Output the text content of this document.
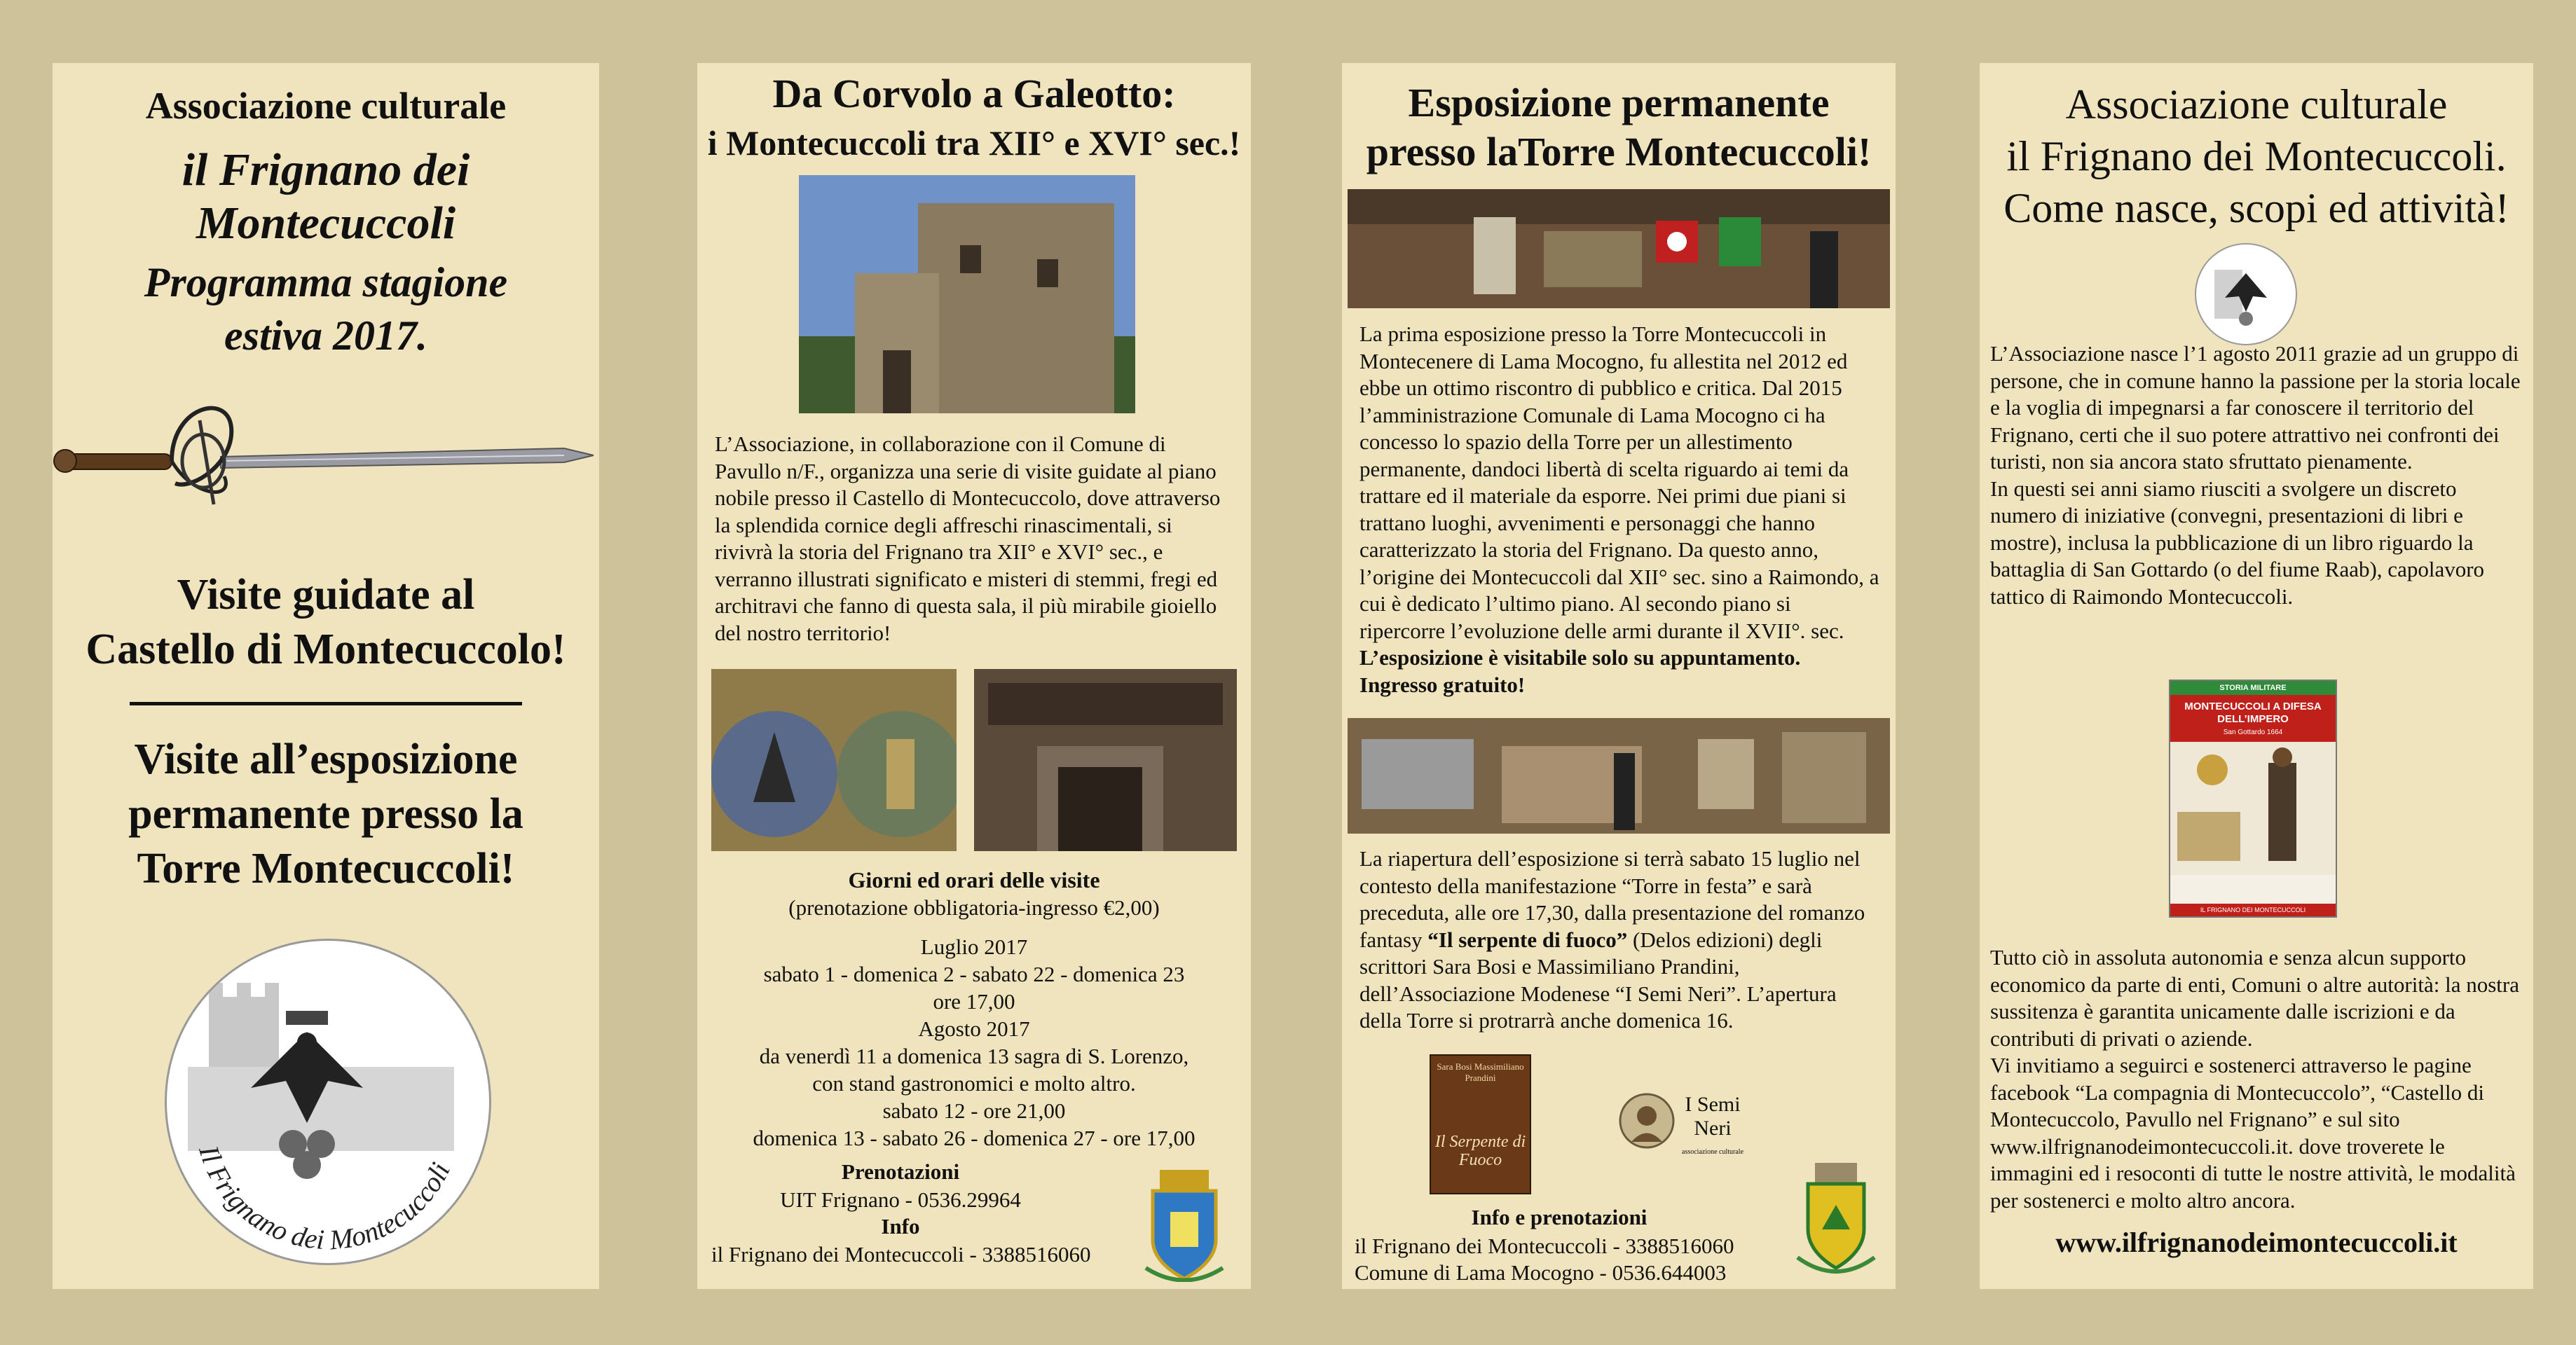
Associazione culturale
il Frignano dei Montecuccoli
Programma stagione
estiva 2017.
Visite guidate al
Castello di Montecuccolo!
Visite all’esposizione
permanente presso la
Torre Montecuccoli!
Il Frignano dei Montecuccoli
Da Corvolo a Galeotto:
i Montecuccoli tra XII° e XVI° sec.!
L’Associazione, in collaborazione con il Comune di Pavullo n/F., organizza una serie di visite guidate al piano nobile presso il Castello di Montecuccolo, dove attraverso la splendida cornice degli affreschi rinascimentali, si rivivrà la storia del Frignano tra XII° e XVI° sec., e verranno illustrati significato e misteri di stemmi, fregi ed architravi che fanno di questa sala, il più mirabile gioiello del nostro territorio!
Giorni ed orari delle visite
(prenotazione obbligatoria-ingresso €2,00)
Luglio 2017
sabato 1 - domenica 2 - sabato 22 - domenica 23
ore 17,00
Agosto 2017
da venerdì 11 a domenica 13 sagra di S. Lorenzo,
con stand gastronomici e molto altro.
sabato 12 - ore 21,00
domenica 13 - sabato 26 - domenica 27 - ore 17,00
Prenotazioni
UIT Frignano - 0536.29964
Info
il Frignano dei Montecuccoli - 3388516060
Esposizione permanente
presso laTorre Montecuccoli!
La prima esposizione presso la Torre Montecuccoli in Montecenere di Lama Mocogno, fu allestita nel 2012 ed ebbe un ottimo riscontro di pubblico e critica. Dal 2015 l’amministrazione Comunale di Lama Mocogno ci ha concesso lo spazio della Torre per un allestimento permanente, dandoci libertà di scelta riguardo ai temi da trattare ed il materiale da esporre. Nei primi due piani si trattano luoghi, avvenimenti e personaggi che hanno caratterizzato la storia del Frignano. Da questo anno, l’origine dei Montecuccoli dal XII° sec. sino a Raimondo, a cui è dedicato l’ultimo piano. Al secondo piano si ripercorre l’evoluzione delle armi durante il XVII°. sec. L’esposizione è visitabile solo su appuntamento. Ingresso gratuito!
La riapertura dell’esposizione si terrà sabato 15 luglio nel contesto della manifestazione “Torre in festa” e sarà preceduta, alle ore 17,30, dalla presentazione del romanzo fantasy “Il serpente di fuoco” (Delos edizioni) degli scrittori Sara Bosi e Massimiliano Prandini, dell’Associazione Modenese “I Semi Neri”. L’apertura della Torre si protrarrà anche domenica 16.
Sara Bosi Massimiliano Prandini
Il Serpente di Fuoco
I Semi
Neri
associazione culturale
Info e prenotazioni
il Frignano dei Montecuccoli - 3388516060
Comune di Lama Mocogno - 0536.644003
Associazione culturale
il Frignano dei Montecuccoli.
Come nasce, scopi ed attività!
L’Associazione nasce l’1 agosto 2011 grazie ad un gruppo di persone, che in comune hanno la passione per la storia locale e la voglia di impegnarsi a far conoscere il territorio del Frignano, certi che il suo potere attrattivo nei confronti dei turisti, non sia ancora stato sfruttato pienamente.
In questi sei anni siamo riusciti a svolgere un discreto numero di iniziative (convegni, presentazioni di libri e mostre), inclusa la pubblicazione di un libro riguardo la battaglia di San Gottardo (o del fiume Raab), capolavoro tattico di Raimondo Montecuccoli.
STORIA MILITARE
MONTECUCCOLI A DIFESA DELL’IMPERO
San Gottardo 1664
IL FRIGNANO DEI MONTECUCCOLI
Tutto ciò in assoluta autonomia e senza alcun supporto economico da parte di enti, Comuni o altre autorità: la nostra sussitenza è garantita unicamente dalle iscrizioni e da contributi di privati o aziende.
Vi invitiamo a seguirci e sostenerci attraverso le pagine facebook “La compagnia di Montecuccolo”, “Castello di Montecuccolo, Pavullo nel Frignano” e sul sito www.ilfrignanodeimontecuccoli.it. dove troverete le immagini ed i resoconti di tutte le nostre attività, le modalità per sostenerci e molto altro ancora.
www.ilfrignanodeimontecuccoli.it
